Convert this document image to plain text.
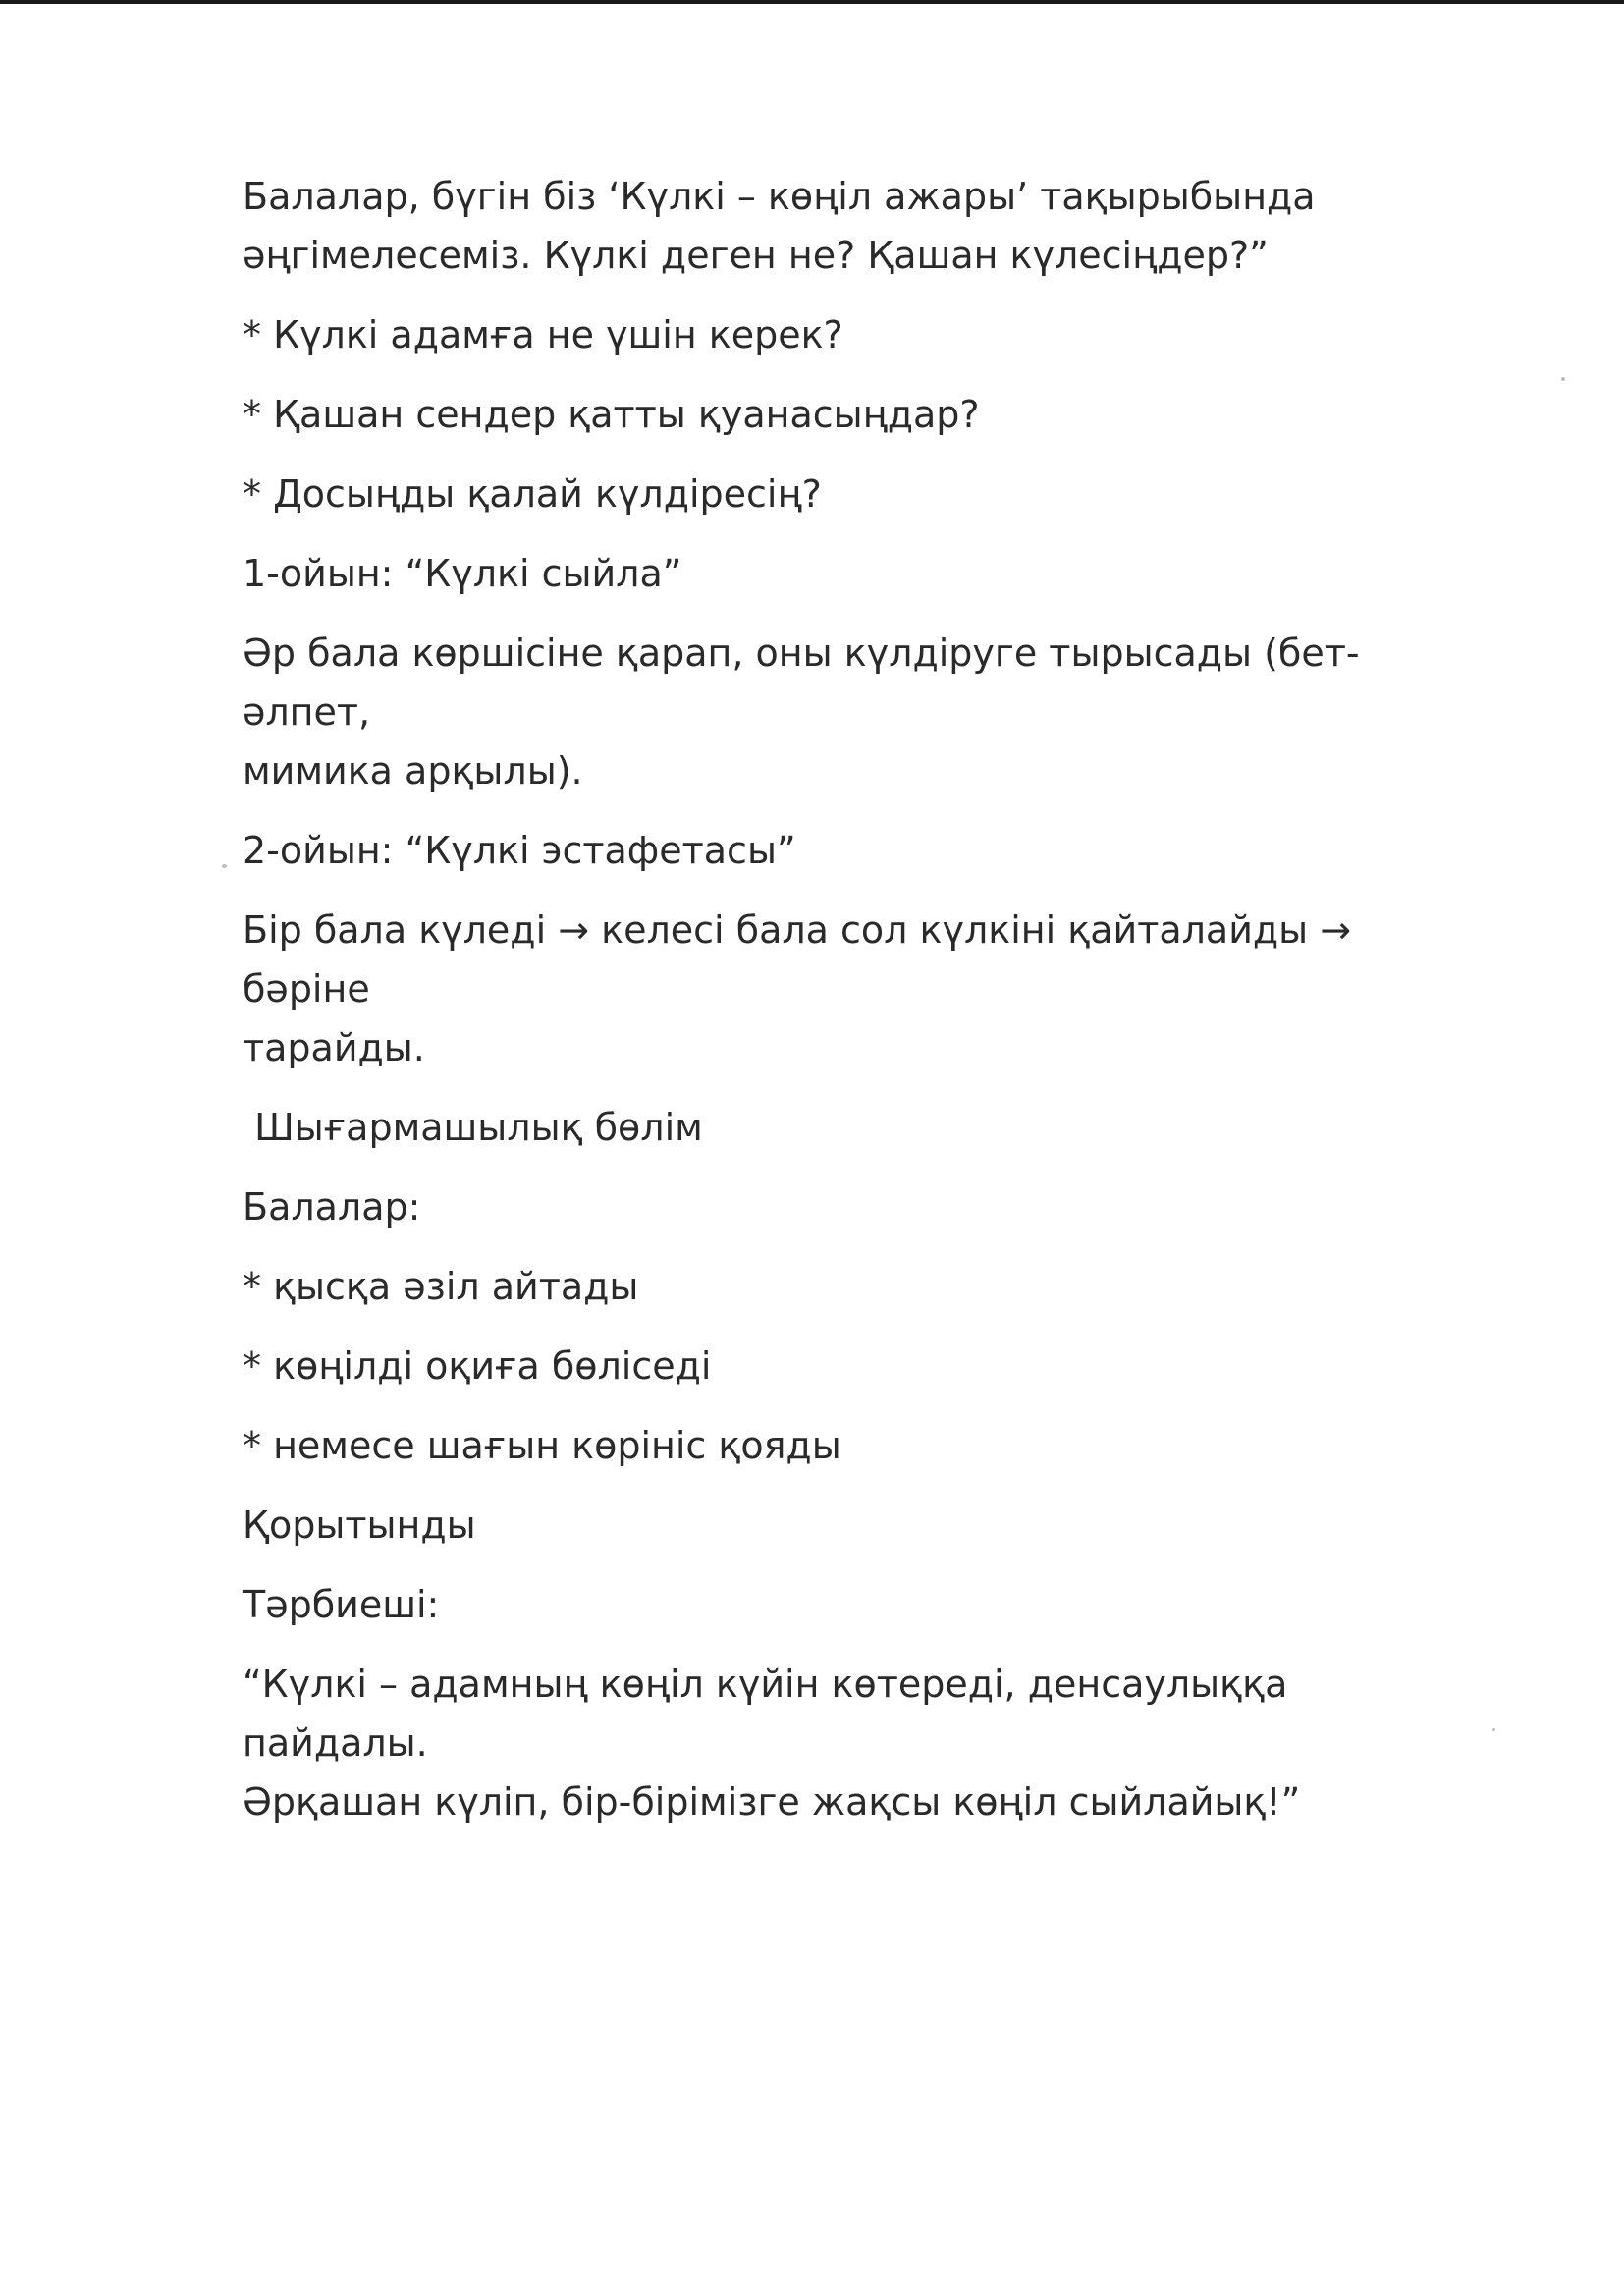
Балалар, бүгін біз ‘Күлкі – көңіл ажары’ тақырыбында
әңгімелесеміз. Күлкі деген не? Қашан күлесіңдер?”

* Күлкі адамға не үшін керек?

* Қашан сендер қатты қуанасыңдар?

* Досыңды қалай күлдіресің?

1-ойын: “Күлкі сыйла”

Әр бала көршісіне қарап, оны күлдіруге тырысады (бет-әлпет,
мимика арқылы).

2-ойын: “Күлкі эстафетасы”

Бір бала күледі → келесі бала сол күлкіні қайталайды → бәріне
тарайды.

Шығармашылық бөлім

Балалар:

* қысқа әзіл айтады

* көңілді оқиға бөліседі

* немесе шағын көрініс қояды

Қорытынды

Тәрбиеші:

“Күлкі – адамның көңіл күйін көтереді, денсаулыққа пайдалы.
Әрқашан күліп, бір-бірімізге жақсы көңіл сыйлайық!”
